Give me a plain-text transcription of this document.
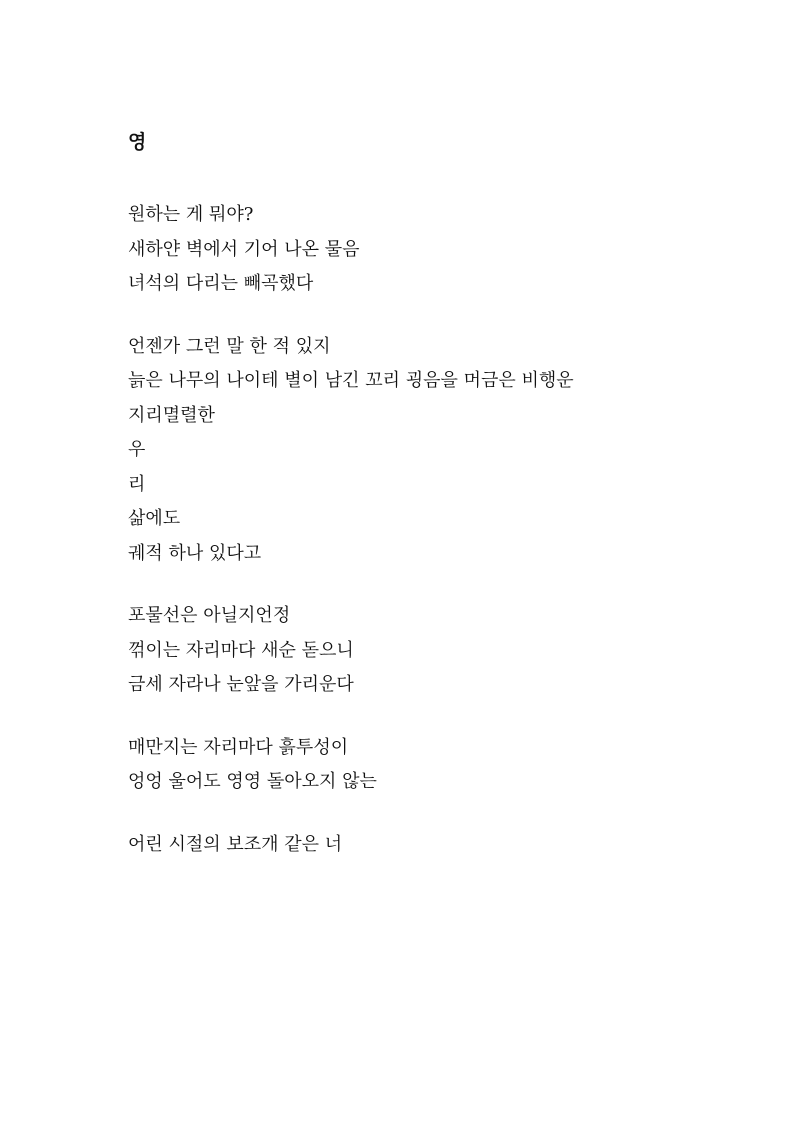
영
원하는 게 뭐야?
새하얀 벽에서 기어 나온 물음
녀석의 다리는 빼곡했다
언젠가 그런 말 한 적 있지
늙은 나무의 나이테 별이 남긴 꼬리 굉음을 머금은 비행운
지리멸렬한
우
리
삶에도
궤적 하나 있다고
포물선은 아닐지언정
꺾이는 자리마다 새순 돋으니
금세 자라나 눈앞을 가리운다
매만지는 자리마다 흙투성이
엉엉 울어도 영영 돌아오지 않는
어린 시절의 보조개 같은 너
